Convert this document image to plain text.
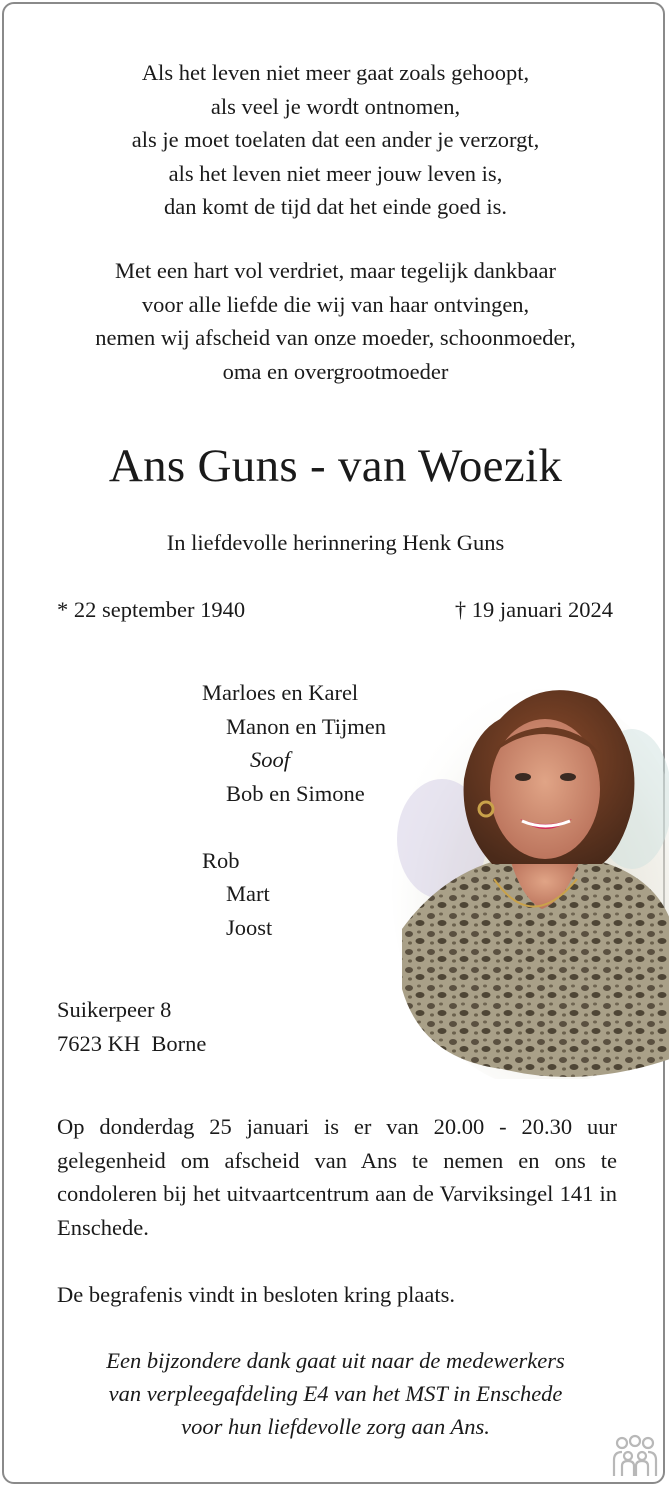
Als het leven niet meer gaat zoals gehoopt,
als veel je wordt ontnomen,
als je moet toelaten dat een ander je verzorgt,
als het leven niet meer jouw leven is,
dan komt de tijd dat het einde goed is.
Met een hart vol verdriet, maar tegelijk dankbaar
voor alle liefde die wij van haar ontvingen,
nemen wij afscheid van onze moeder, schoonmoeder,
oma en overgrootmoeder
Ans Guns - van Woezik
In liefdevolle herinnering Henk Guns
* 22 september 1940	† 19 januari 2024
Marloes en Karel
Manon en Tijmen
Soof
Bob en Simone
Rob
Mart
Joost
Suikerpeer 8
7623 KH  Borne
Op donderdag 25 januari is er van 20.00 - 20.30 uur gelegenheid om afscheid van Ans te nemen en ons te condoleren bij het uitvaartcentrum aan de Varviksingel 141 in Enschede.
De begrafenis vindt in besloten kring plaats.
Een bijzondere dank gaat uit naar de medewerkers
van verpleegafdeling E4 van het MST in Enschede
voor hun liefdevolle zorg aan Ans.
